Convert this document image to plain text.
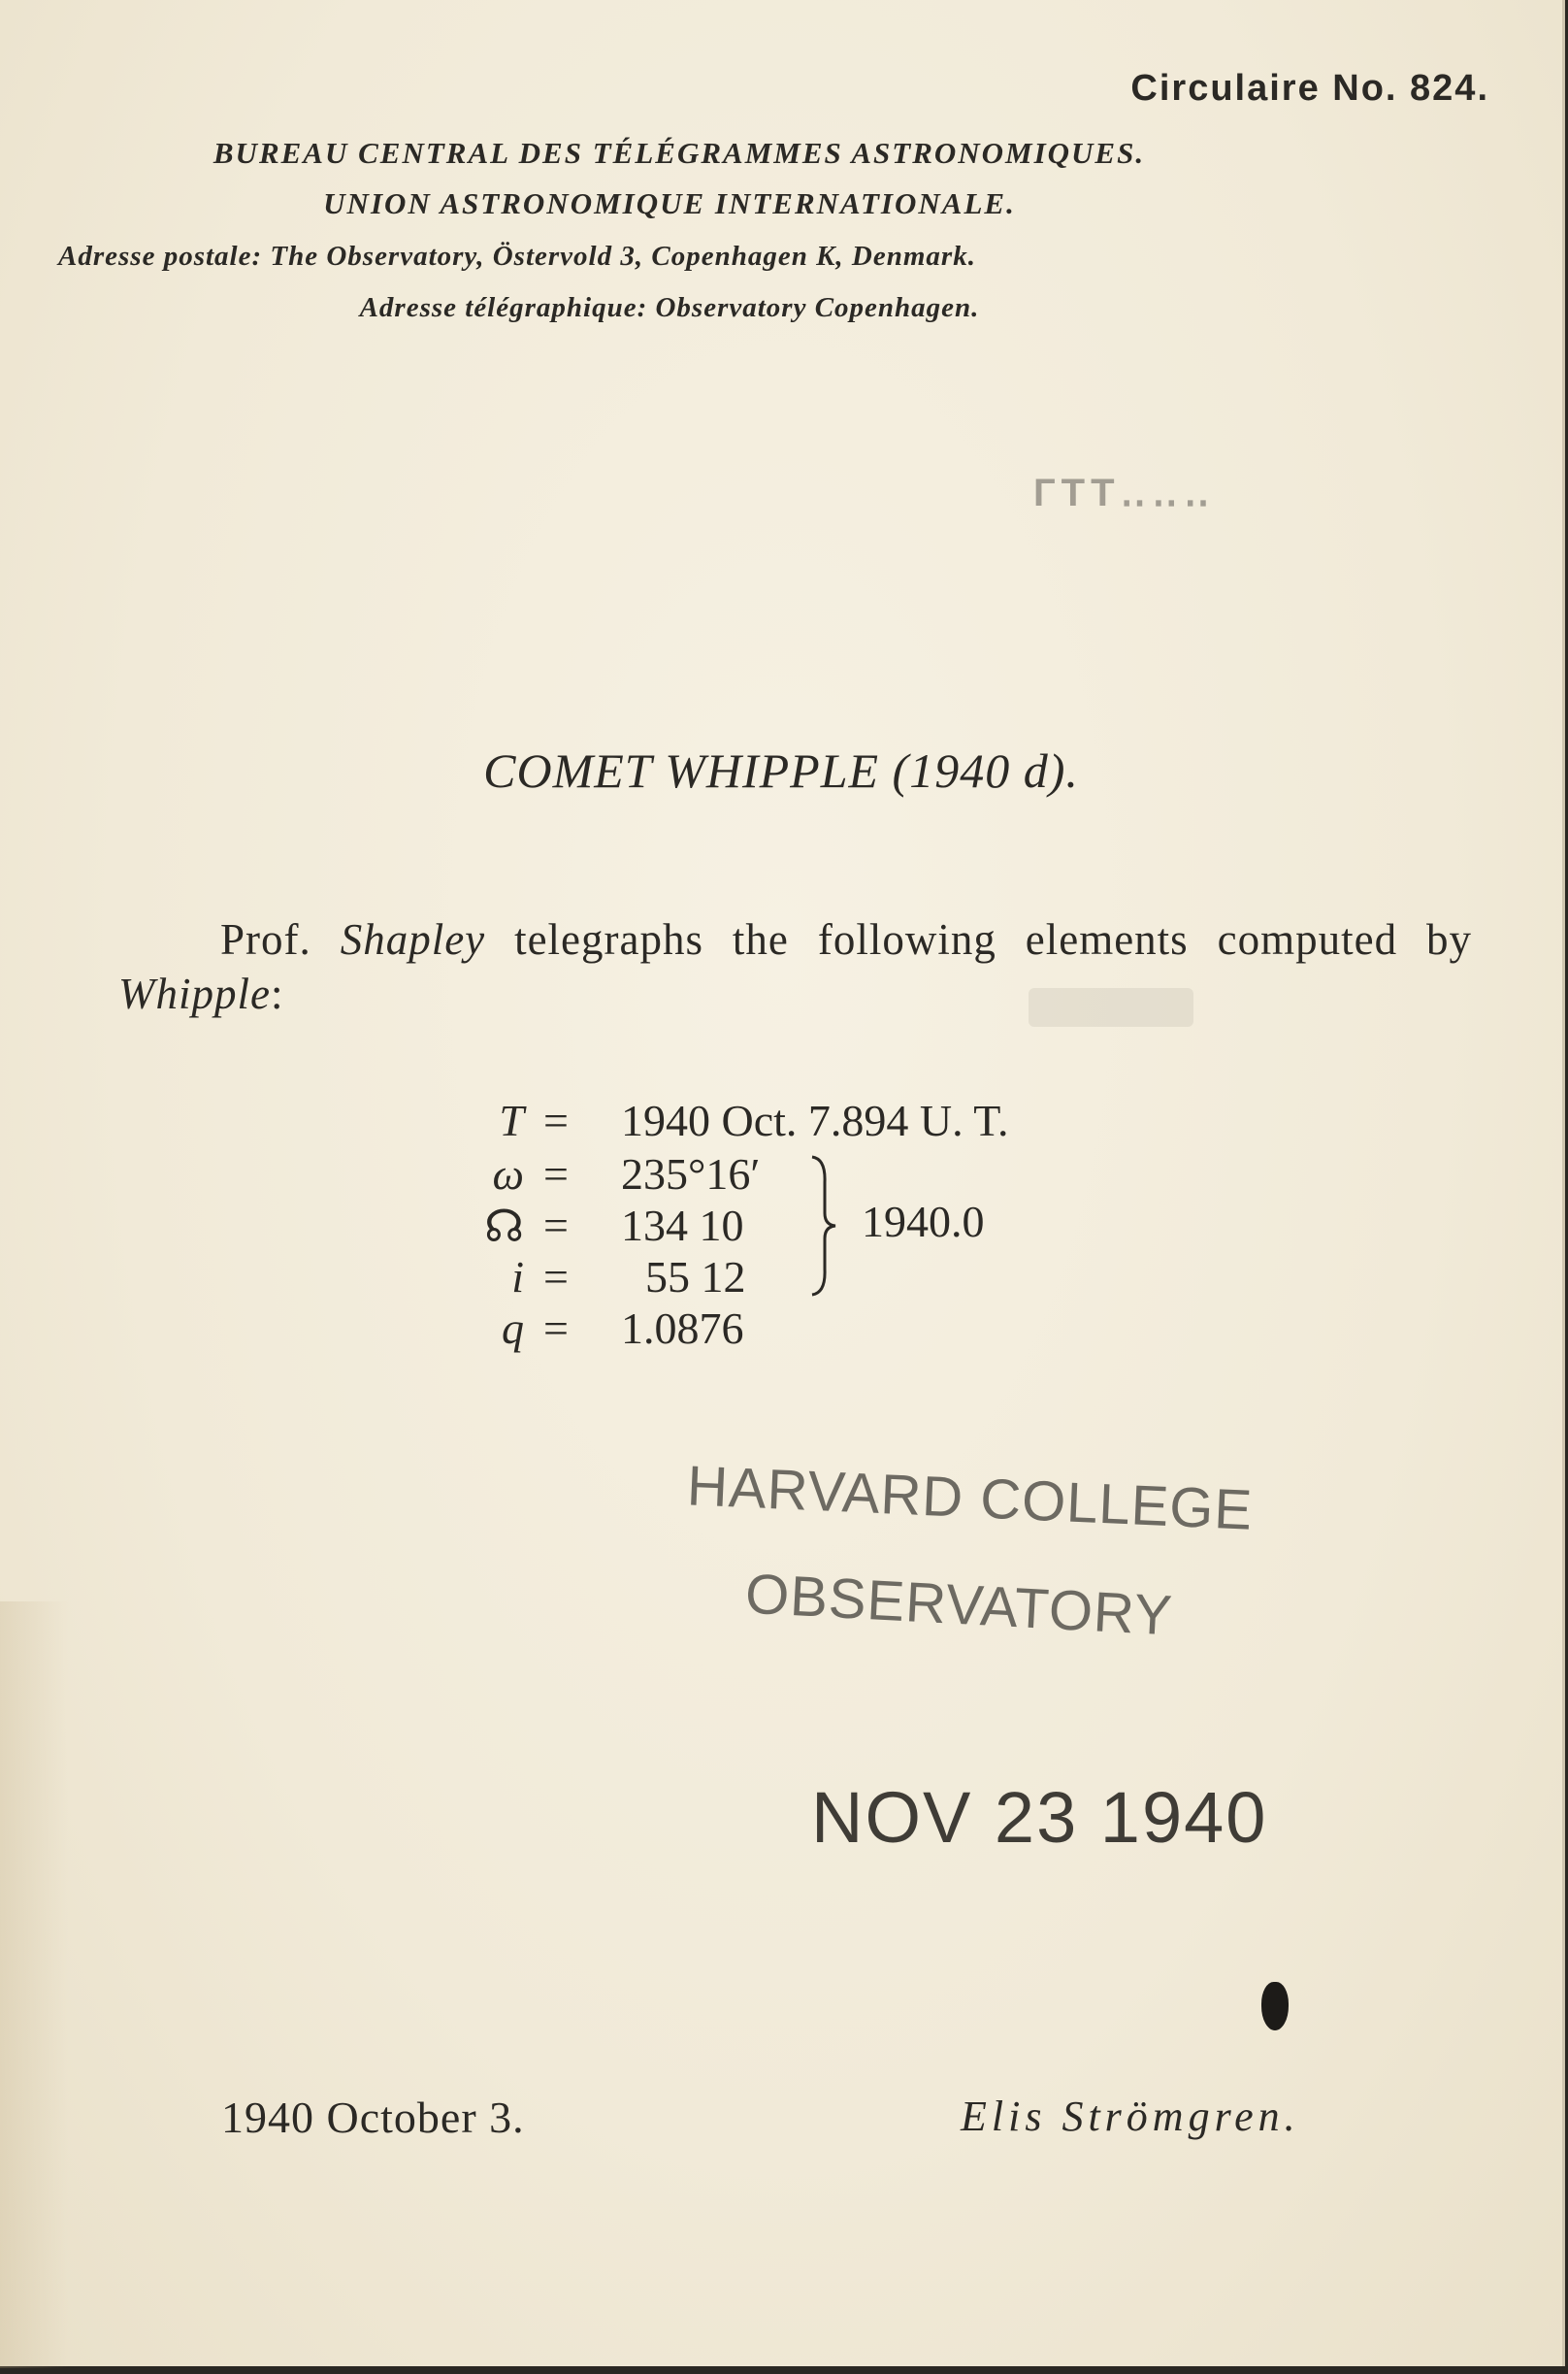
Circulaire No. 824.
BUREAU CENTRAL DES TÉLÉGRAMMES ASTRONOMIQUES.
UNION ASTRONOMIQUE INTERNATIONALE.
Adresse postale: The Observatory, Östervold 3, Copenhagen K, Denmark.
Adresse télégraphique: Observatory Copenhagen.
ГТТ‥‥‥
COMET WHIPPLE (1940 d).
Prof. Shapley telegraphs the following elements computed by Whipple:
T = 1940 Oct. 7.894 U. T.
ω = 235°16′
☊ = 134 10
i = 55 12
q = 1.0876
1940.0
HARVARD COLLEGE
OBSERVATORY
NOV 23 1940
1940 October 3.	Elis Strömgren.
